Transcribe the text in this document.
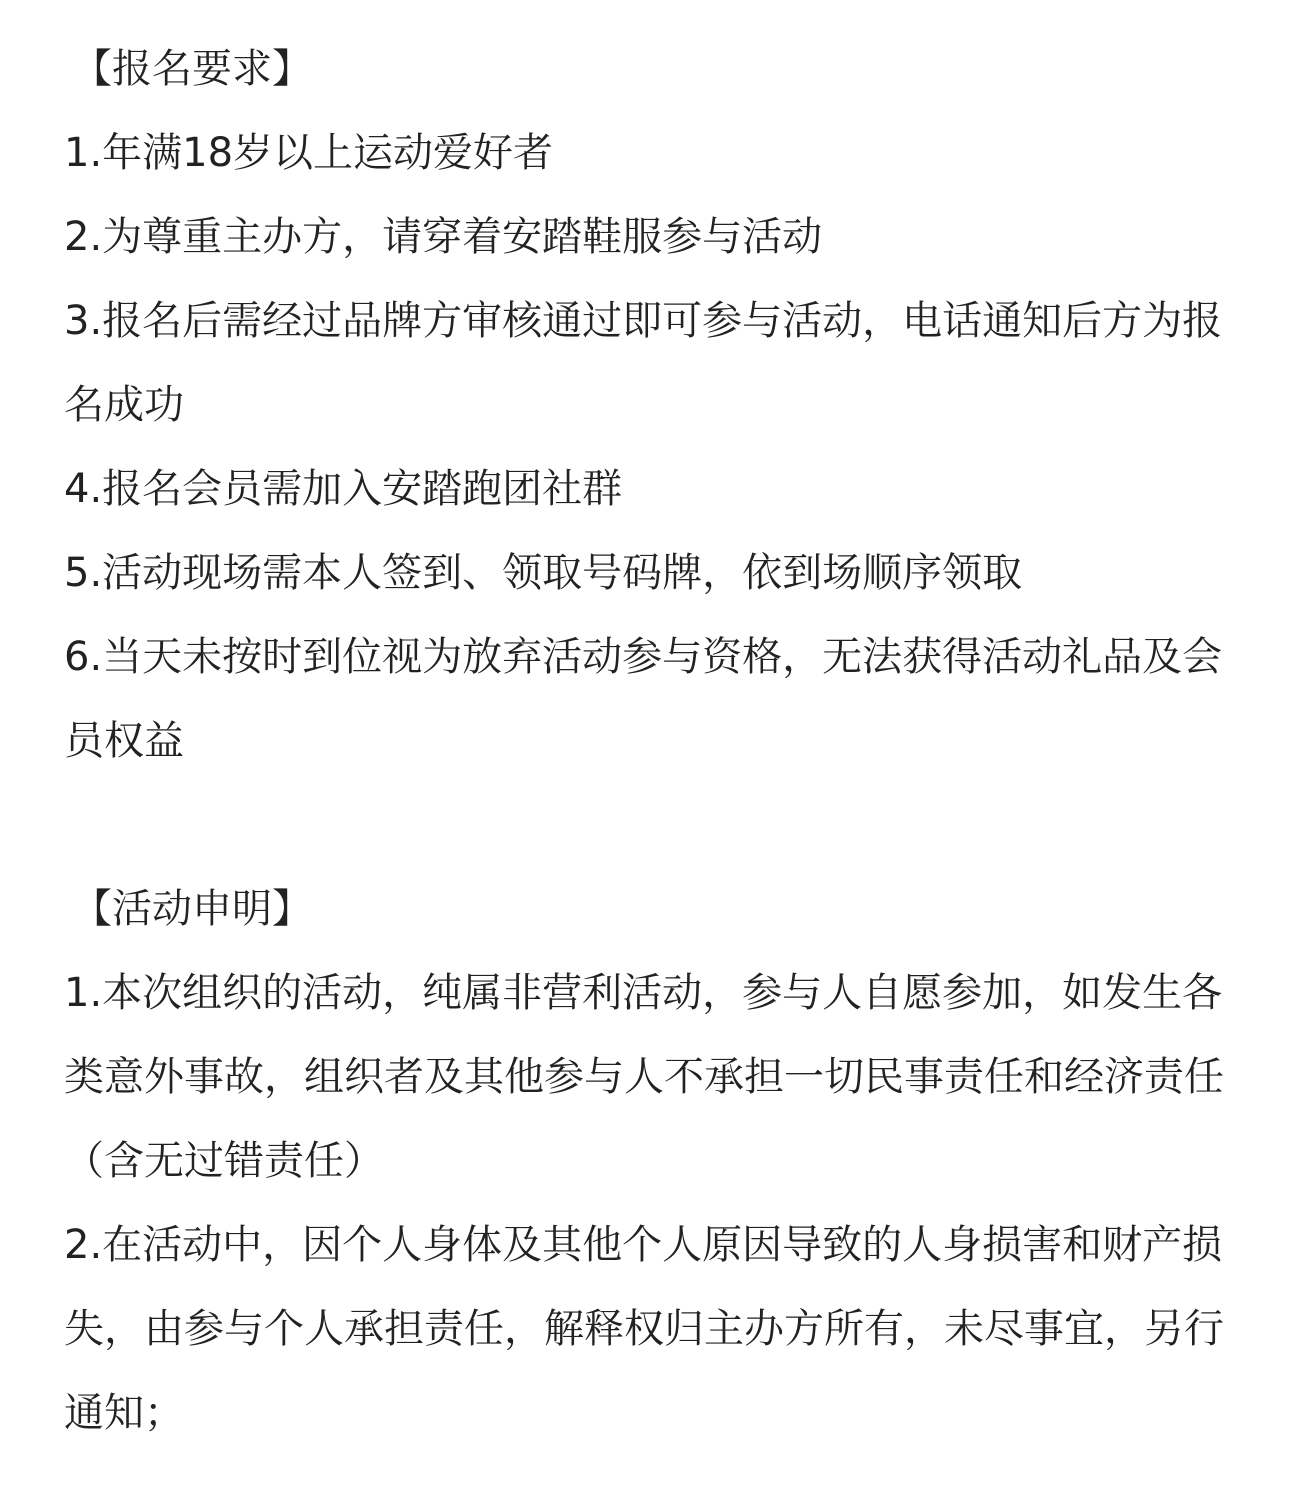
【报名要求】

1.年满18岁以上运动爱好者

2.为尊重主办方，请穿着安踏鞋服参与活动

3.报名后需经过品牌方审核通过即可参与活动，电话通知后方为报名成功

4.报名会员需加入安踏跑团社群

5.活动现场需本人签到、领取号码牌，依到场顺序领取

6.当天未按时到位视为放弃活动参与资格，无法获得活动礼品及会员权益

【活动申明】

1.本次组织的活动，纯属非营利活动，参与人自愿参加，如发生各类意外事故，组织者及其他参与人不承担一切民事责任和经济责任（含无过错责任）

2.在活动中，因个人身体及其他个人原因导致的人身损害和财产损失，由参与个人承担责任，解释权归主办方所有，未尽事宜，另行通知；
